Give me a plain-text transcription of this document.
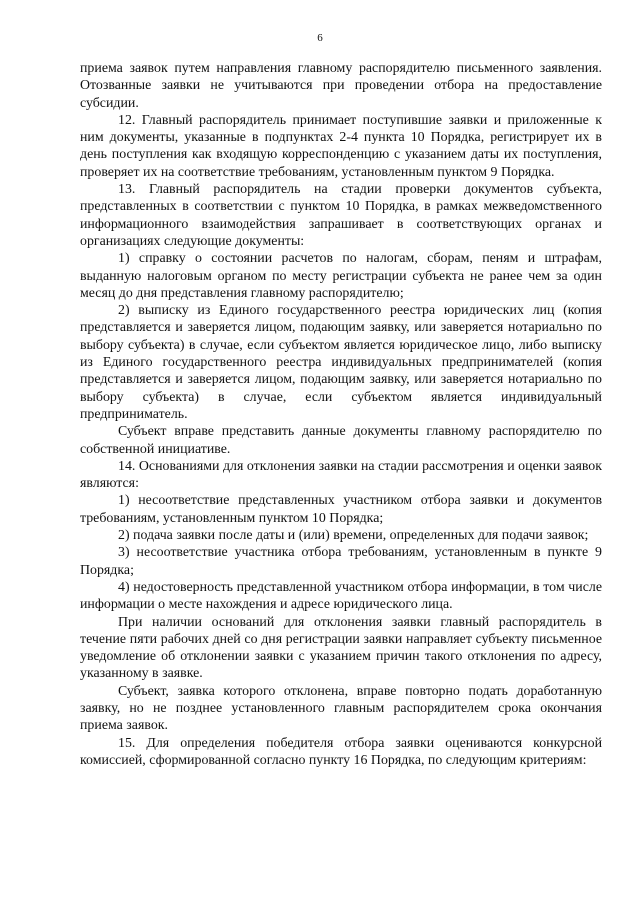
6

приема заявок путем направления главному распорядителю письменного заявления. Отозванные заявки не учитываются при проведении отбора на предоставление субсидии.

12. Главный распорядитель принимает поступившие заявки и приложенные к ним документы, указанные в подпунктах 2-4 пункта 10 Порядка, регистрирует их в день поступления как входящую корреспонденцию с указанием даты их поступления, проверяет их на соответствие требованиям, установленным пунктом 9 Порядка.

13. Главный распорядитель на стадии проверки документов субъекта, представленных в соответствии с пунктом 10 Порядка, в рамках межведомственного информационного взаимодействия запрашивает в соответствующих органах и организациях следующие документы:

1) справку о состоянии расчетов по налогам, сборам, пеням и штрафам, выданную налоговым органом по месту регистрации субъекта не ранее чем за один месяц до дня представления главному распорядителю;

2) выписку из Единого государственного реестра юридических лиц (копия представляется и заверяется лицом, подающим заявку, или заверяется нотариально по выбору субъекта) в случае, если субъектом является юридическое лицо, либо выписку из Единого государственного реестра индивидуальных предпринимателей (копия представляется и заверяется лицом, подающим заявку, или заверяется нотариально по выбору субъекта) в случае, если субъектом является индивидуальный предприниматель.

Субъект вправе представить данные документы главному распорядителю по собственной инициативе.

14. Основаниями для отклонения заявки на стадии рассмотрения и оценки заявок являются:

1) несоответствие представленных участником отбора заявки и документов требованиям, установленным пунктом 10 Порядка;

2) подача заявки после даты и (или) времени, определенных для подачи заявок;

3) несоответствие участника отбора требованиям, установленным в пункте 9 Порядка;

4) недостоверность представленной участником отбора информации, в том числе информации о месте нахождения и адресе юридического лица.

При наличии оснований для отклонения заявки главный распорядитель в течение пяти рабочих дней со дня регистрации заявки направляет субъекту письменное уведомление об отклонении заявки с указанием причин такого отклонения по адресу, указанному в заявке.

Субъект, заявка которого отклонена, вправе повторно подать доработанную заявку, но не позднее установленного главным распорядителем срока окончания приема заявок.

15. Для определения победителя отбора заявки оцениваются конкурсной комиссией, сформированной согласно пункту 16 Порядка, по следующим критериям:
